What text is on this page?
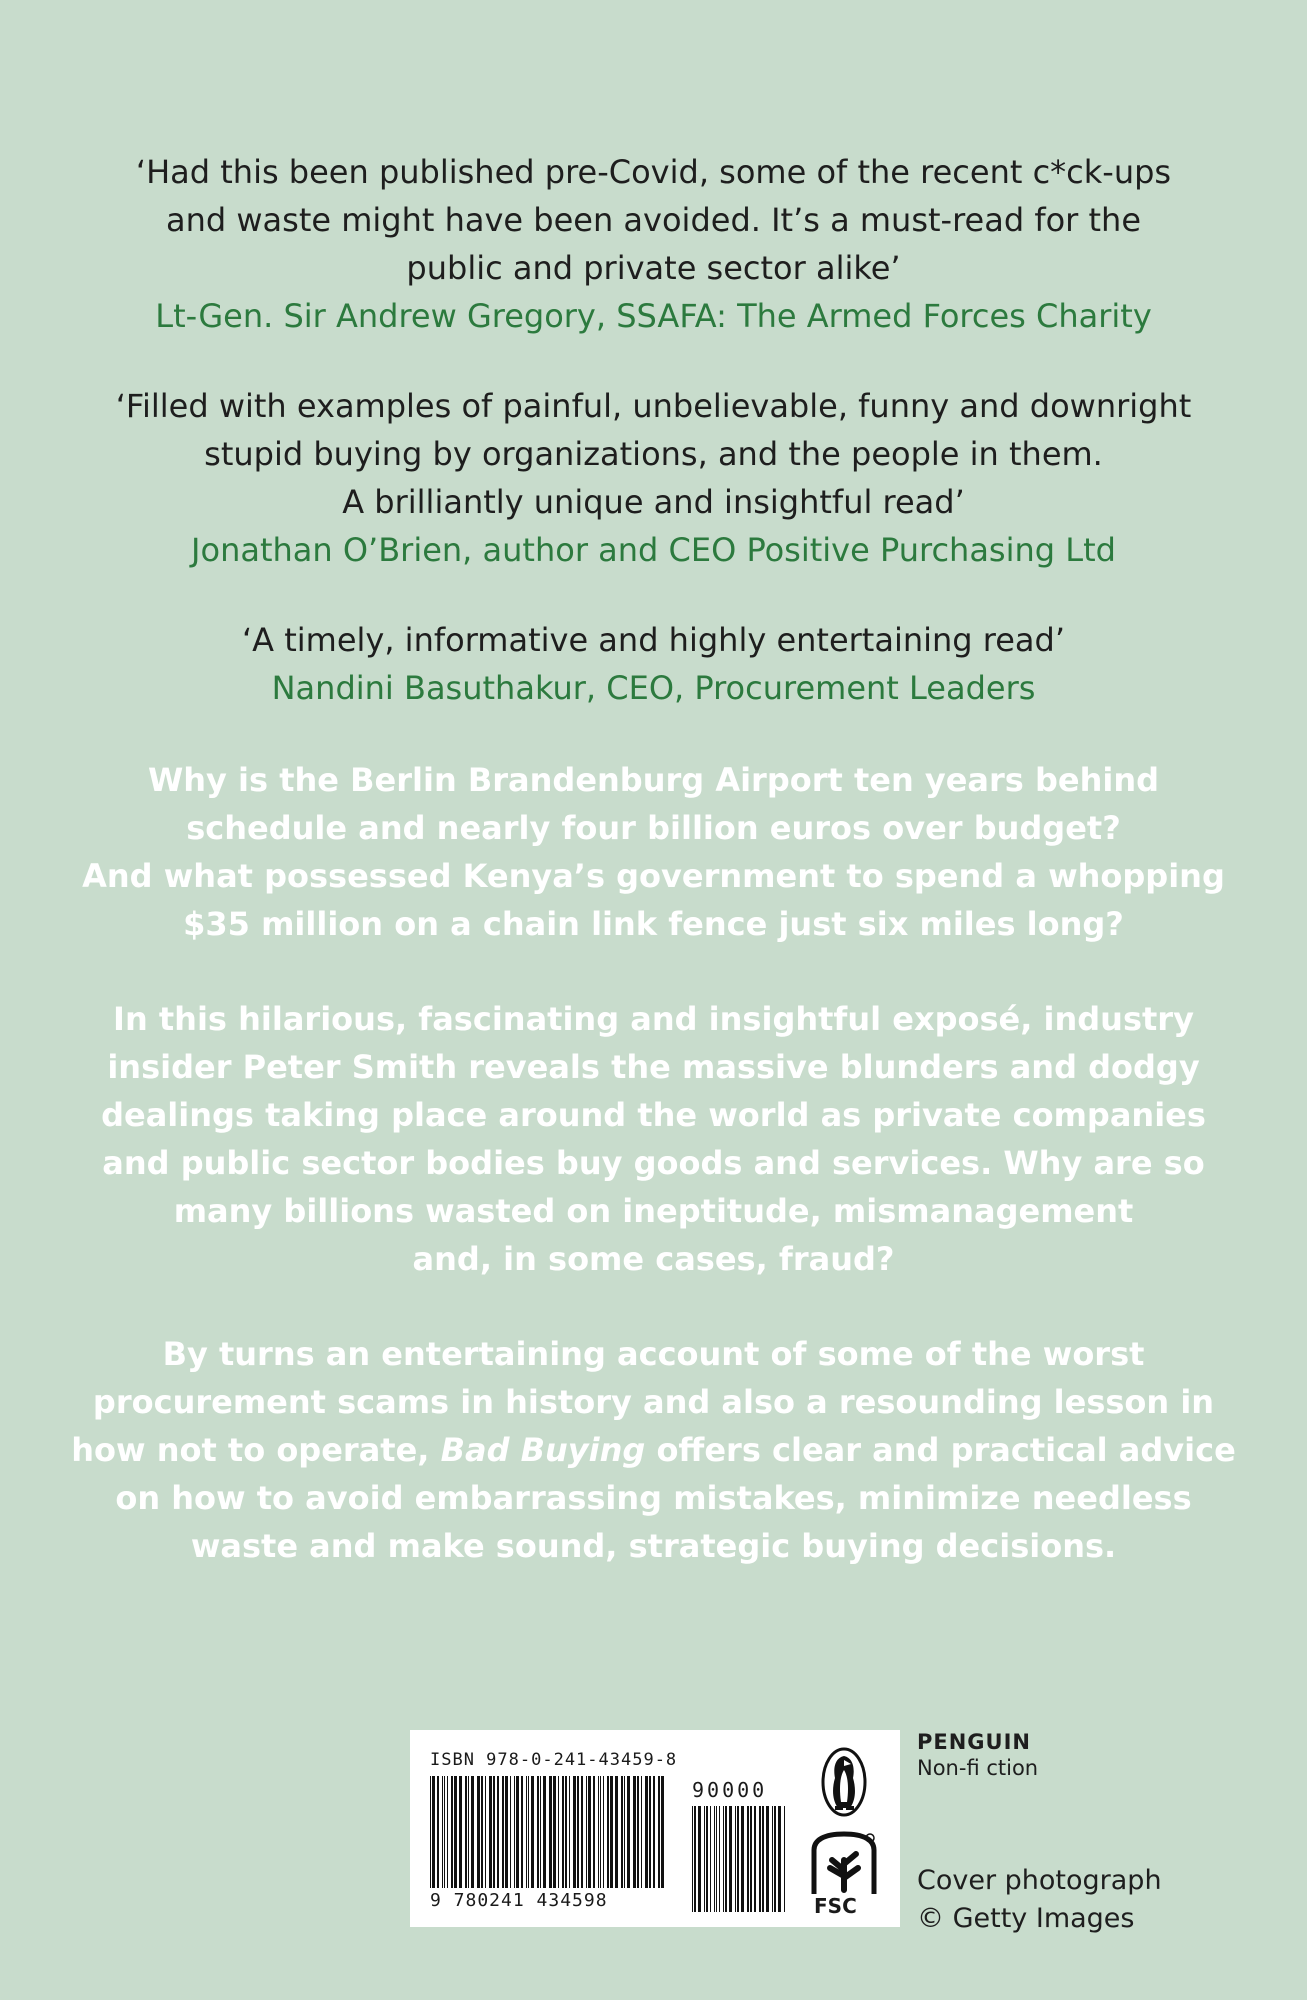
‘Had this been published pre-Covid, some of the recent c*ck-ups
and waste might have been avoided. It’s a must-read for the
public and private sector alike’

Lt-Gen. Sir Andrew Gregory, SSAFA: The Armed Forces Charity

‘Filled with examples of painful, unbelievable, funny and downright
stupid buying by organizations, and the people in them.
A brilliantly unique and insightful read’

Jonathan O’Brien, author and CEO Positive Purchasing Ltd

‘A timely, informative and highly entertaining read’

Nandini Basuthakur, CEO, Procurement Leaders

Why is the Berlin Brandenburg Airport ten years behind
schedule and nearly four billion euros over budget?
And what possessed Kenya’s government to spend a whopping
$35 million on a chain link fence just six miles long?

In this hilarious, fascinating and insightful exposé, industry
insider Peter Smith reveals the massive blunders and dodgy
dealings taking place around the world as private companies
and public sector bodies buy goods and services. Why are so
many billions wasted on ineptitude, mismanagement
and, in some cases, fraud?

By turns an entertaining account of some of the worst
procurement scams in history and also a resounding lesson in
how not to operate, Bad Buying offers clear and practical advice
on how to avoid embarrassing mistakes, minimize needless
waste and make sound, strategic buying decisions.

ISBN 978-0-241-43459-8
9 780241 434598
90000
FSC

PENGUIN

Non-fi ction

Cover photograph
© Getty Images
